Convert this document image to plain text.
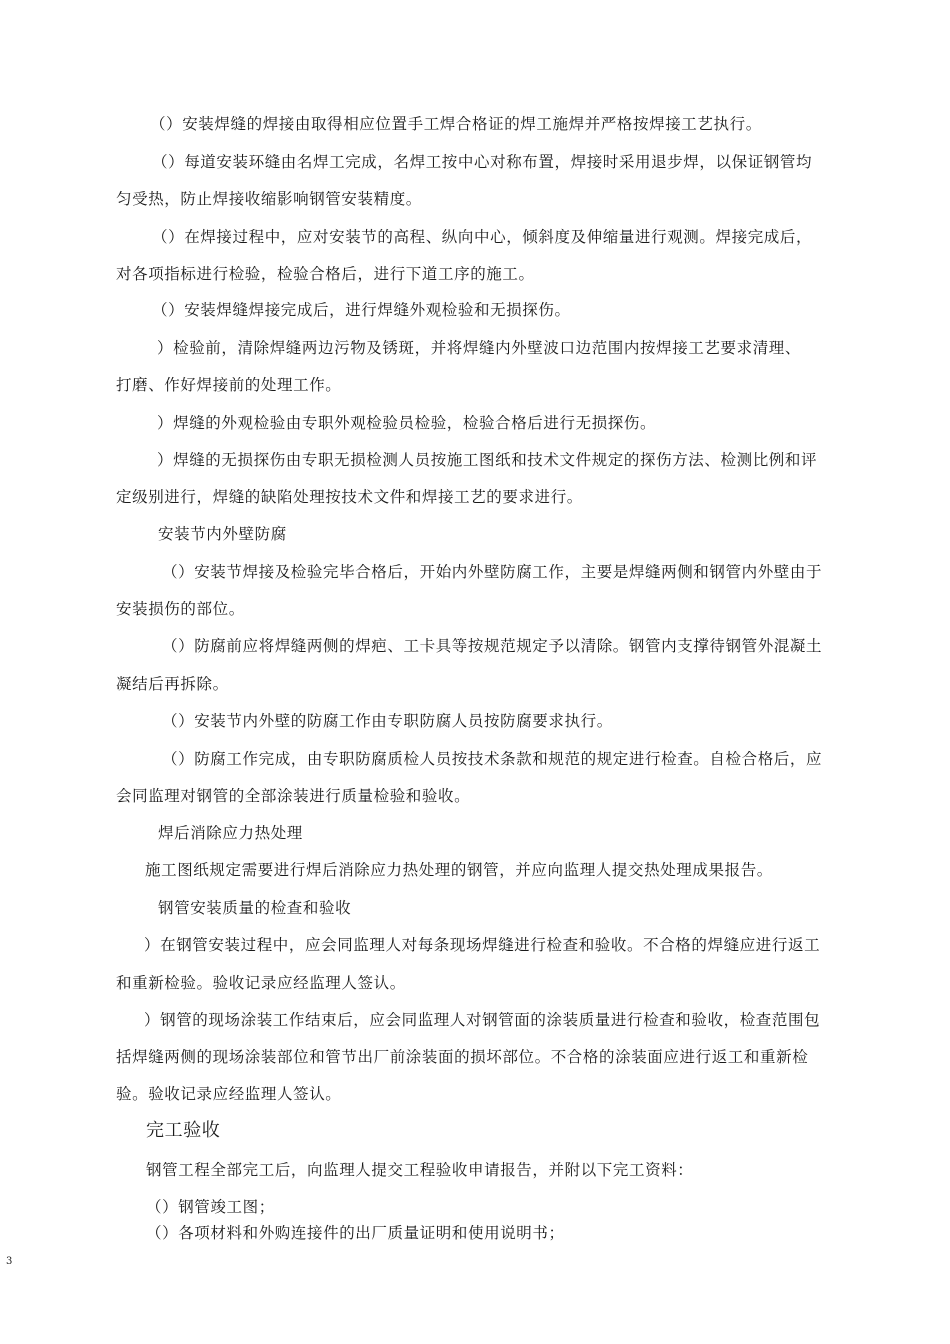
（）安装焊缝的焊接由取得相应位置手工焊合格证的焊工施焊并严格按焊接工艺执行。
（）每道安装环缝由名焊工完成，名焊工按中心对称布置，焊接时采用退步焊，以保证钢管均
匀受热，防止焊接收缩影响钢管安装精度。
（）在焊接过程中，应对安装节的高程、纵向中心，倾斜度及伸缩量进行观测。焊接完成后，
对各项指标进行检验，检验合格后，进行下道工序的施工。
（）安装焊缝焊接完成后，进行焊缝外观检验和无损探伤。
）检验前，清除焊缝两边污物及锈斑，并将焊缝内外壁波口边范围内按焊接工艺要求清理、
打磨、作好焊接前的处理工作。
）焊缝的外观检验由专职外观检验员检验，检验合格后进行无损探伤。
）焊缝的无损探伤由专职无损检测人员按施工图纸和技术文件规定的探伤方法、检测比例和评
定级别进行，焊缝的缺陷处理按技术文件和焊接工艺的要求进行。
安装节内外壁防腐
（）安装节焊接及检验完毕合格后，开始内外壁防腐工作，主要是焊缝两侧和钢管内外壁由于
安装损伤的部位。
（）防腐前应将焊缝两侧的焊疤、工卡具等按规范规定予以清除。钢管内支撑待钢管外混凝土
凝结后再拆除。
（）安装节内外壁的防腐工作由专职防腐人员按防腐要求执行。
（）防腐工作完成，由专职防腐质检人员按技术条款和规范的规定进行检查。自检合格后，应
会同监理对钢管的全部涂装进行质量检验和验收。
焊后消除应力热处理
施工图纸规定需要进行焊后消除应力热处理的钢管，并应向监理人提交热处理成果报告。
钢管安装质量的检查和验收
）在钢管安装过程中，应会同监理人对每条现场焊缝进行检查和验收。不合格的焊缝应进行返工
和重新检验。验收记录应经监理人签认。
）钢管的现场涂装工作结束后，应会同监理人对钢管面的涂装质量进行检查和验收，检查范围包
括焊缝两侧的现场涂装部位和管节出厂前涂装面的损坏部位。不合格的涂装面应进行返工和重新检
验。验收记录应经监理人签认。
完工验收
钢管工程全部完工后，向监理人提交工程验收申请报告，并附以下完工资料：
（）钢管竣工图；
（）各项材料和外购连接件的出厂质量证明和使用说明书；
3
